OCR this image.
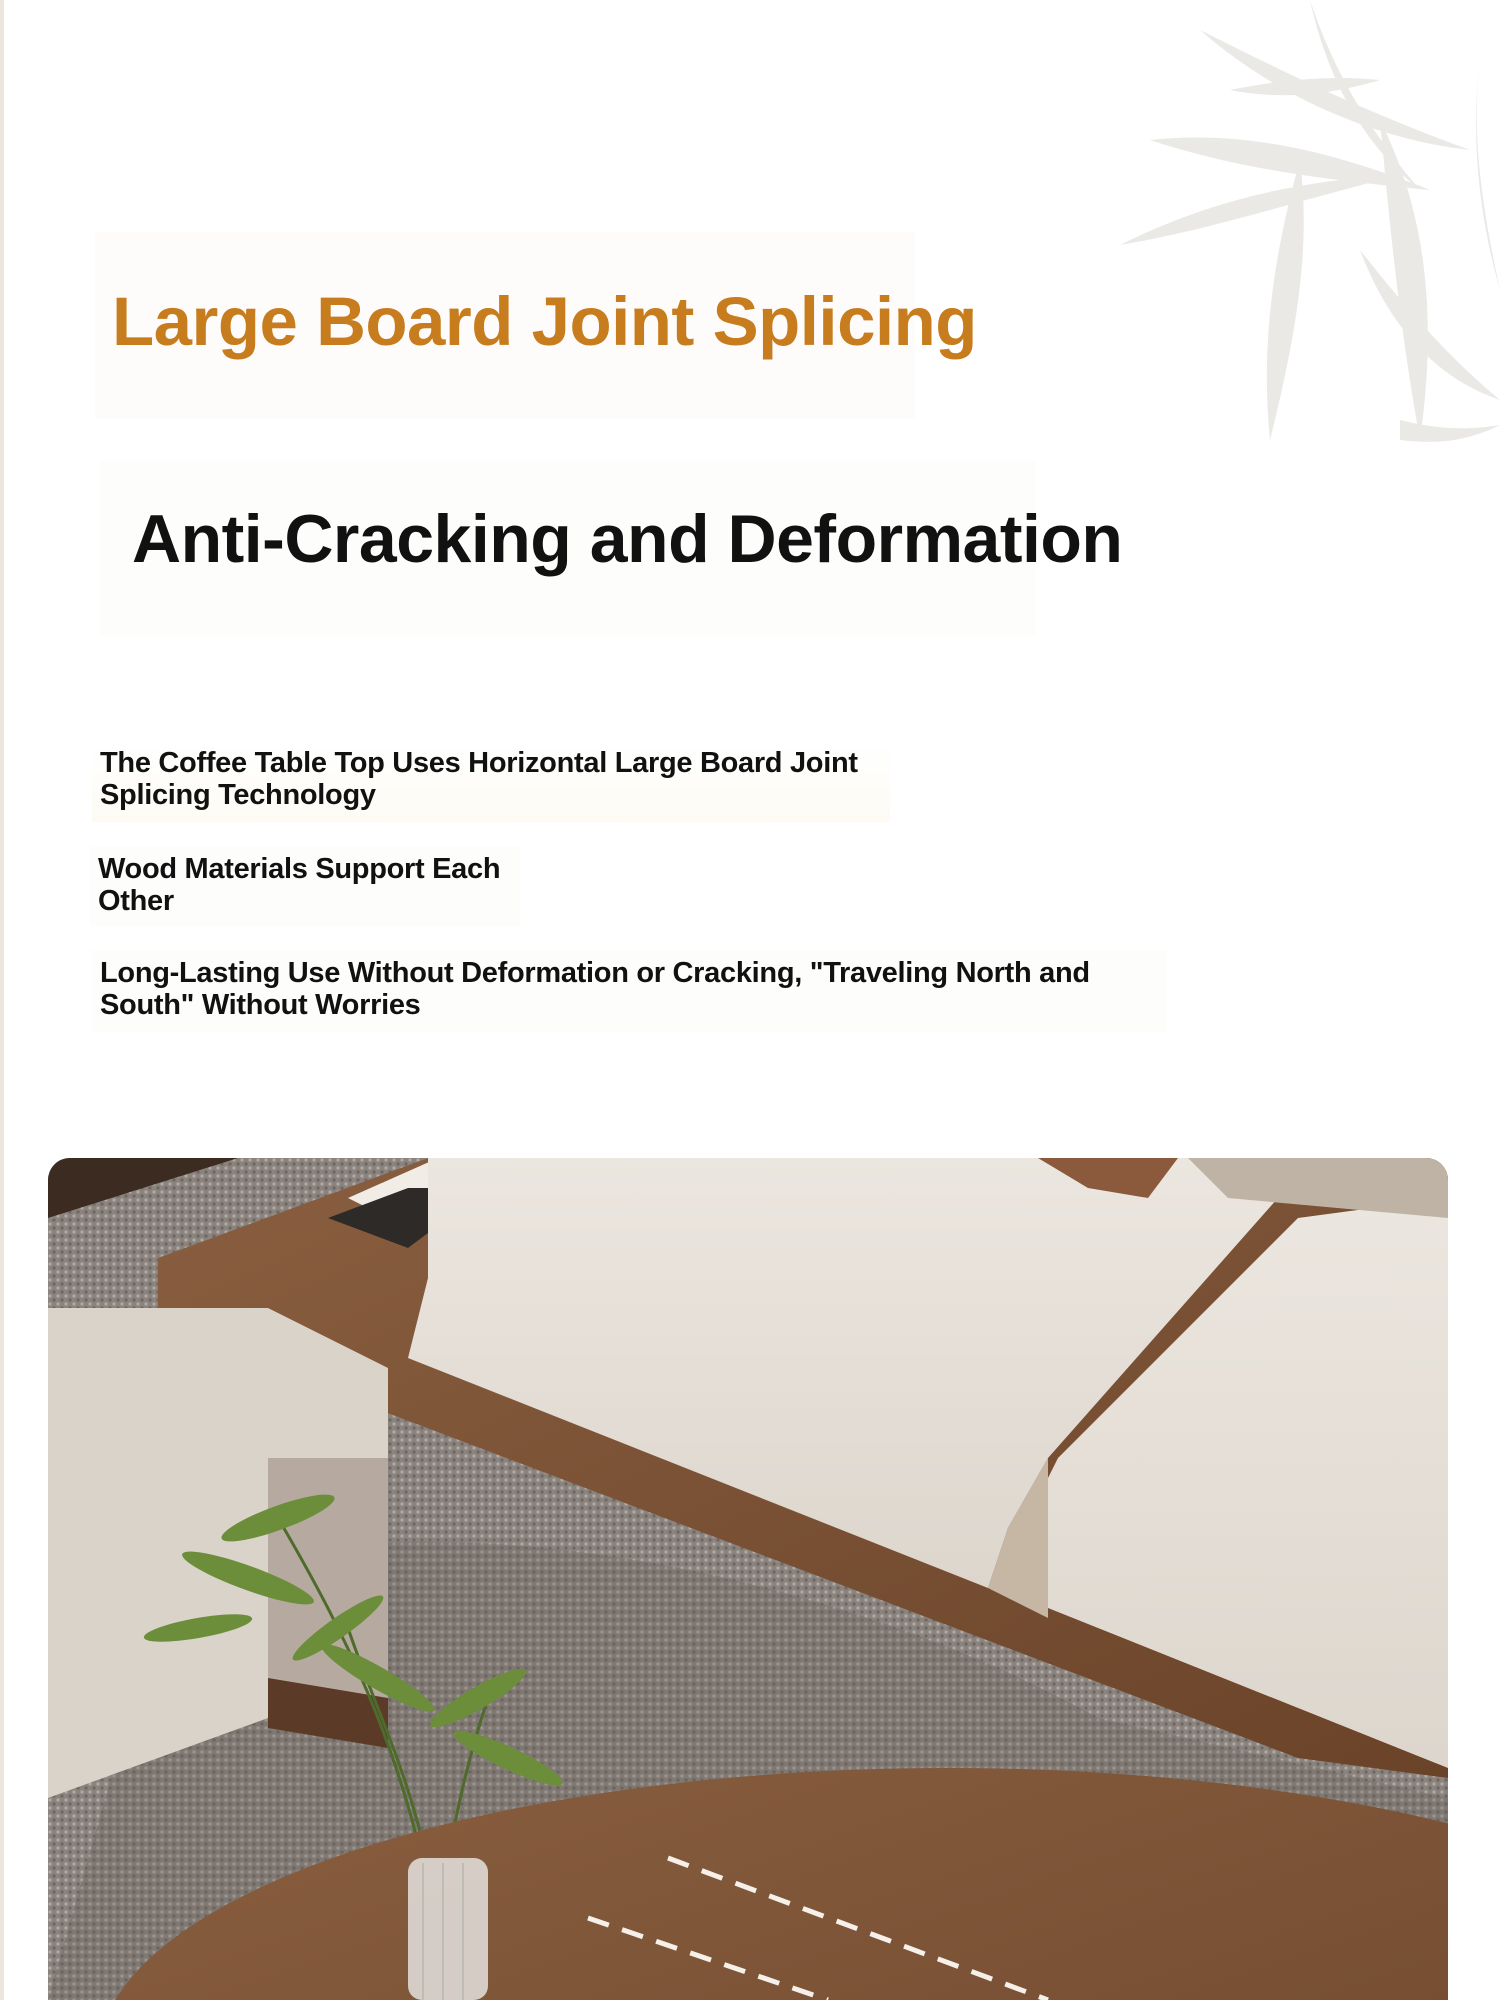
Large Board Joint Splicing
Anti-Cracking and Deformation

The Coffee Table Top Uses Horizontal Large Board Joint Splicing Technology

Wood Materials Support Each Other

Long-Lasting Use Without Deformation or Cracking, "Traveling North and South" Without Worries
